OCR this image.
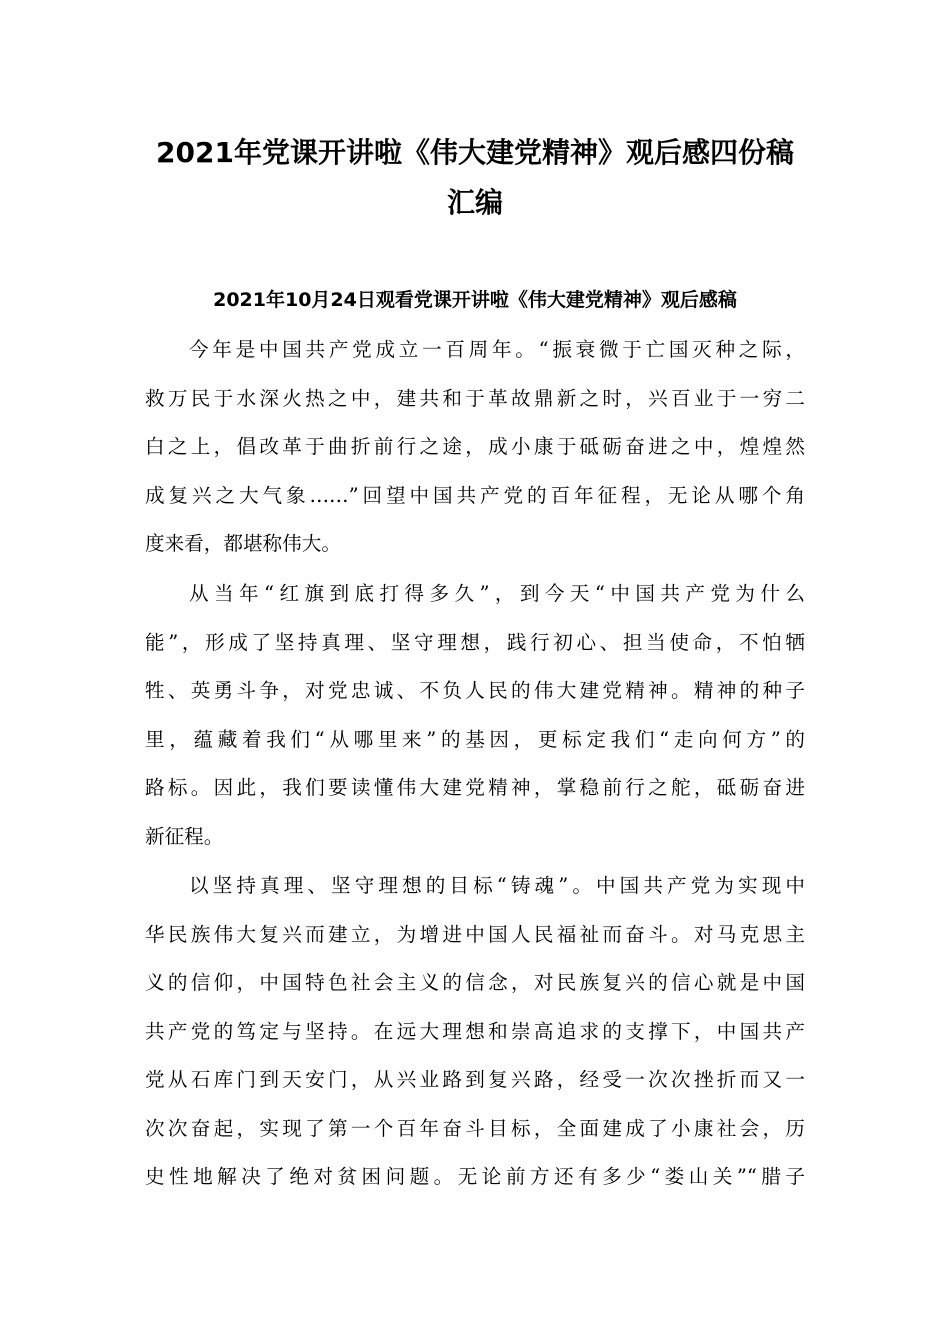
2021年党课开讲啦《伟大建党精神》观后感四份稿
汇编
2021年10月24日观看党课开讲啦《伟大建党精神》观后感稿

今年是中国共产党成立一百周年。“振衰微于亡国灭种之际，
救万民于水深火热之中，建共和于革故鼎新之时，兴百业于一穷二
白之上，倡改革于曲折前行之途，成小康于砥砺奋进之中，煌煌然
成复兴之大气象……”回望中国共产党的百年征程，无论从哪个角
度来看，都堪称伟大。

从当年“红旗到底打得多久”，到今天“中国共产党为什么
能”，形成了坚持真理、坚守理想，践行初心、担当使命，不怕牺
牲、英勇斗争，对党忠诚、不负人民的伟大建党精神。精神的种子
里，蕴藏着我们“从哪里来”的基因，更标定我们“走向何方”的
路标。因此，我们要读懂伟大建党精神，掌稳前行之舵，砥砺奋进
新征程。

以坚持真理、坚守理想的目标“铸魂”。中国共产党为实现中
华民族伟大复兴而建立，为增进中国人民福祉而奋斗。对马克思主
义的信仰，中国特色社会主义的信念，对民族复兴的信心就是中国
共产党的笃定与坚持。在远大理想和崇高追求的支撑下，中国共产
党从石库门到天安门，从兴业路到复兴路，经受一次次挫折而又一
次次奋起，实现了第一个百年奋斗目标，全面建成了小康社会，历
史性地解决了绝对贫困问题。无论前方还有多少“娄山关”“腊子
